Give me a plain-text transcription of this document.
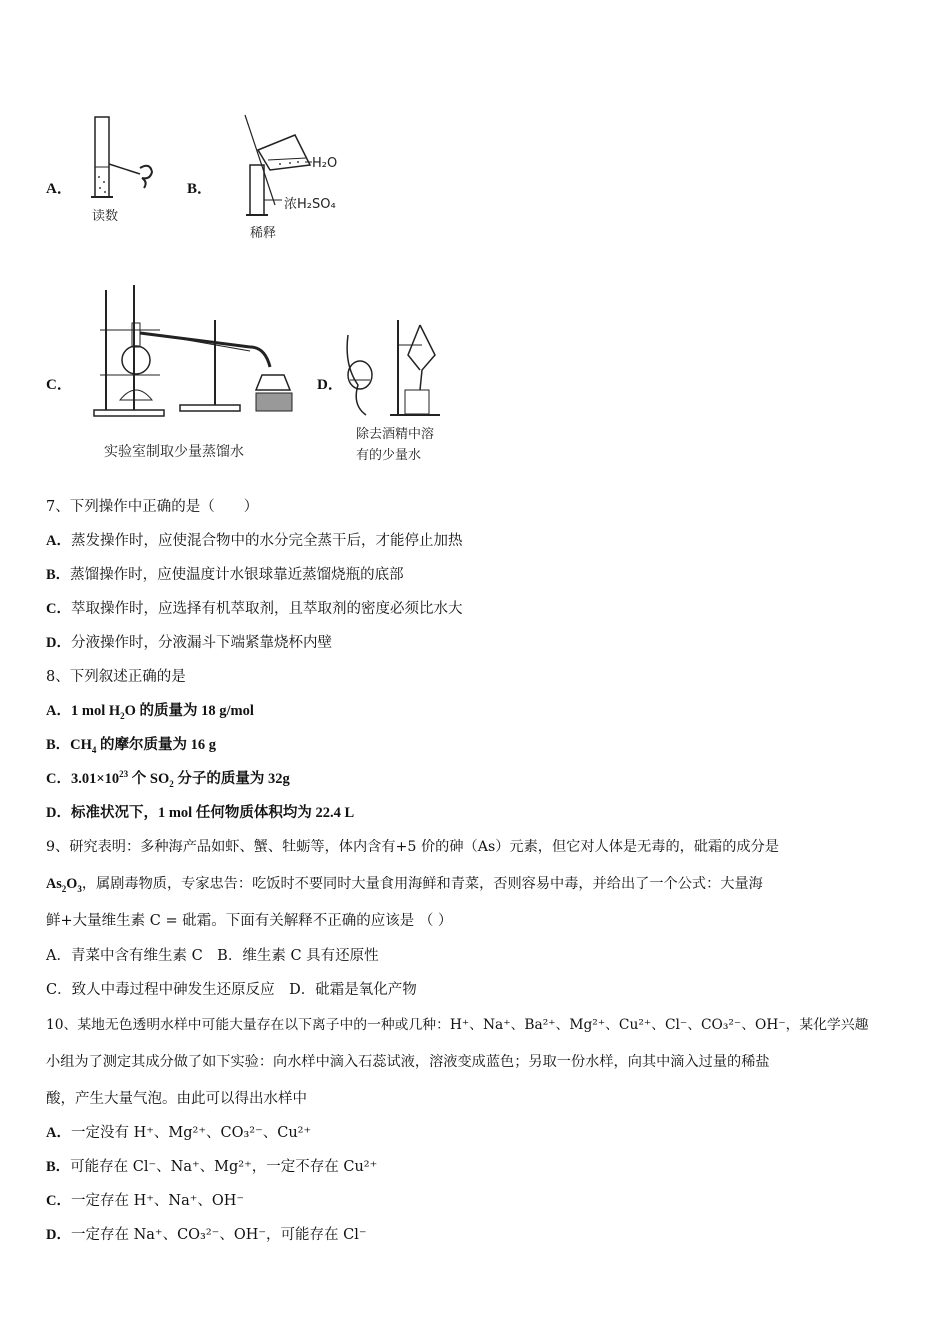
A．
读数
B．
H₂O
浓H₂SO₄
稀释
C．
实验室制取少量蒸馏水
D．
除去酒精中溶
有的少量水
7、下列操作中正确的是（　　）
A．蒸发操作时，应使混合物中的水分完全蒸干后，才能停止加热
B．蒸馏操作时，应使温度计水银球靠近蒸馏烧瓶的底部
C．萃取操作时，应选择有机萃取剂，且萃取剂的密度必须比水大
D．分液操作时，分液漏斗下端紧靠烧杯内壁
8、下列叙述正确的是
A．1 mol $H_2O$ 的质量为 18 g/mol
B．$CH_4$ 的摩尔质量为 16 g
C．$3.01\times 10^{23}$ 个 $SO_2$ 分子的质量为 32g
D．标准状况下，1 mol 任何物质体积均为 22.4 L
9、研究表明：多种海产品如虾、蟹、牡蛎等，体内含有+5 价的砷（As）元素，但它对人体是无毒的，砒霜的成分是
$As_2O_3$，属剧毒物质，专家忠告：吃饭时不要同时大量食用海鲜和青菜，否则容易中毒，并给出了一个公式：大量海
鲜+大量维生素 C = 砒霜。下面有关解释不正确的应该是 （ ）
A．青菜中含有维生素 C　B．维生素 C 具有还原性
C．致人中毒过程中砷发生还原反应　D．砒霜是氧化产物
10、某地无色透明水样中可能大量存在以下离子中的一种或几种：H⁺、Na⁺、Ba²⁺、Mg²⁺、Cu²⁺、Cl⁻、CO₃²⁻、OH⁻，某化学兴趣
小组为了测定其成分做了如下实验：向水样中滴入石蕊试液，溶液变成蓝色；另取一份水样，向其中滴入过量的稀盐
酸，产生大量气泡。由此可以得出水样中
A．一定没有 H⁺、Mg²⁺、CO₃²⁻、Cu²⁺
B．可能存在 Cl⁻、Na⁺、Mg²⁺，一定不存在 Cu²⁺
C．一定存在 H⁺、Na⁺、OH⁻
D．一定存在 Na⁺、CO₃²⁻、OH⁻，可能存在 Cl⁻
